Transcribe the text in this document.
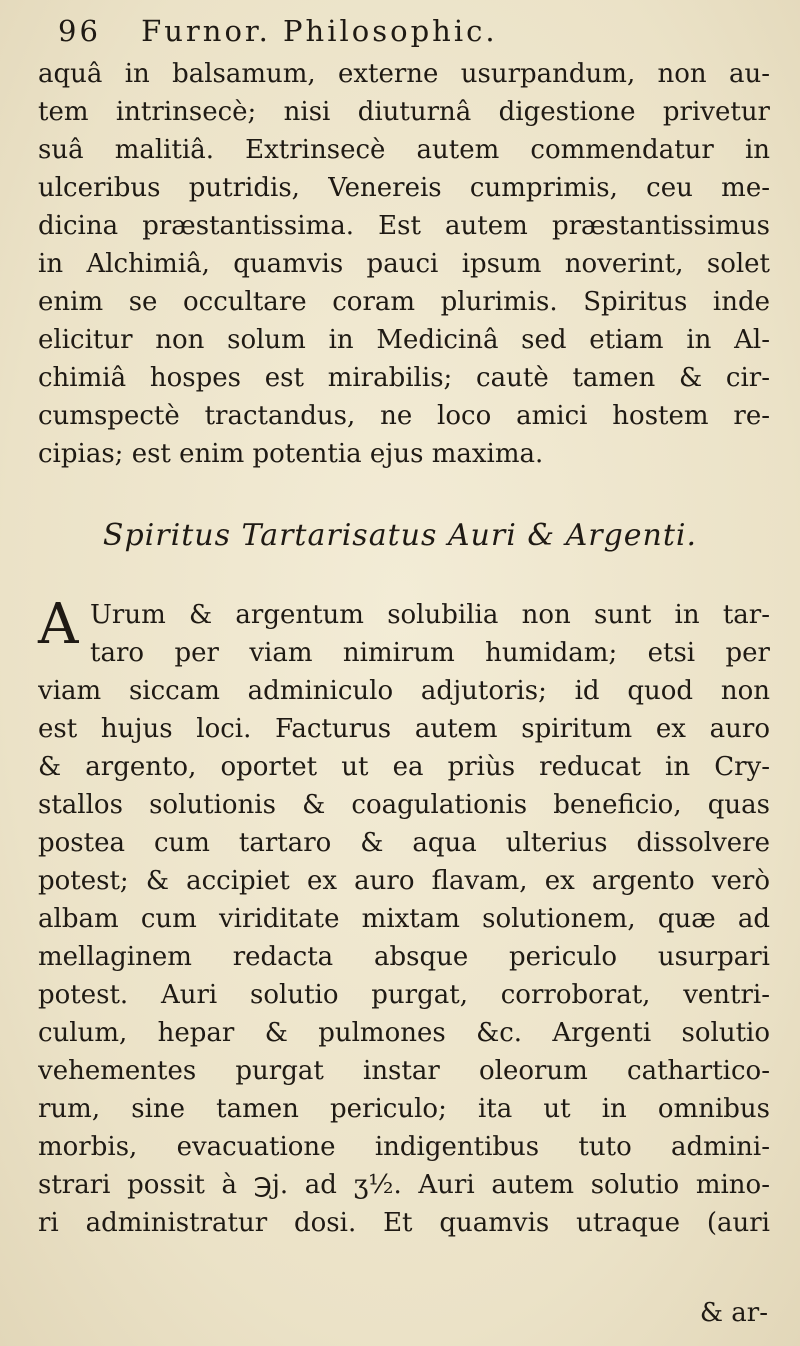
96 Furnor. Philosophic.
aquâ in balsamum, externe usurpandum, non au-
tem intrinsecè; nisi diuturnâ digestione privetur
suâ malitiâ. Extrinsecè autem commendatur in
ulceribus putridis, Venereis cumprimis, ceu me-
dicina præstantissima. Est autem præstantissimus
in Alchimiâ, quamvis pauci ipsum noverint, solet
enim se occultare coram plurimis. Spiritus inde
elicitur non solum in Medicinâ sed etiam in Al-
chimiâ hospes est mirabilis; cautè tamen & cir-
cumspectè tractandus, ne loco amici hostem re-
cipias; est enim potentia ejus maxima.
Spiritus Tartarisatus Auri & Argenti.
A Urum & argentum solubilia non sunt in tar-
taro per viam nimirum humidam; etsi per
viam siccam adminiculo adjutoris; id quod non
est hujus loci. Facturus autem spiritum ex auro
& argento, oportet ut ea priùs reducat in Cry-
stallos solutionis & coagulationis beneficio, quas
postea cum tartaro & aqua ulterius dissolvere
potest; & accipiet ex auro flavam, ex argento verò
albam cum viriditate mixtam solutionem, quæ ad
mellaginem redacta absque periculo usurpari
potest. Auri solutio purgat, corroborat, ventri-
culum, hepar & pulmones &c. Argenti solutio
vehementes purgat instar oleorum cathartico-
rum, sine tamen periculo; ita ut in omnibus
morbis, evacuatione indigentibus tuto admini-
strari possit à ℈j. ad ʒ½. Auri autem solutio mino-
ri administratur dosi. Et quamvis utraque (auri
& ar-
